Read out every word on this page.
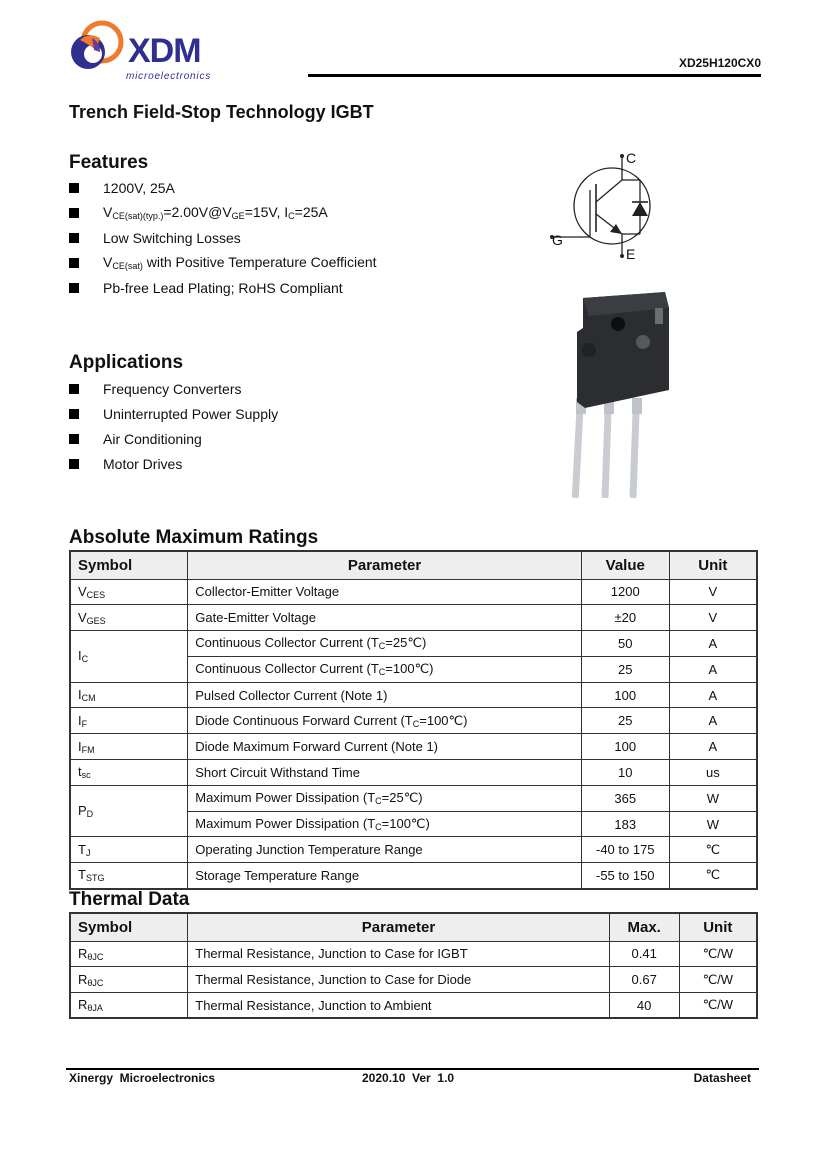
XDM
microelectronics
XD25H120CX0
Trench Field-Stop Technology IGBT
Features
1200V, 25A
$V_{CE(sat)(typ.)}=2.00V@V_{GE}=15V$, $I_C=25A$
Low Switching Losses
$V_{CE(sat)}$ with Positive Temperature Coefficient
Pb-free Lead Plating; RoHS Compliant
C
G
E
Applications
Frequency Converters
Uninterrupted Power Supply
Air Conditioning
Motor Drives
Absolute Maximum Ratings
Symbol	Parameter	Value	Unit
$V_{CES}$	Collector-Emitter Voltage	1200	V
$V_{GES}$	Gate-Emitter Voltage	±20	V
$I_C$	Continuous Collector Current $(T_C=25℃)$	50	A
	Continuous Collector Current $(T_C=100℃)$	25	A
$I_{CM}$	Pulsed Collector Current (Note 1)	100	A
$I_F$	Diode Continuous Forward Current $(T_C=100℃)$	25	A
$I_{FM}$	Diode Maximum Forward Current (Note 1)	100	A
$t_{sc}$	Short Circuit Withstand Time	10	us
$P_D$	Maximum Power Dissipation $(T_C=25℃)$	365	W
	Maximum Power Dissipation $(T_C=100℃)$	183	W
$T_J$	Operating Junction Temperature Range	-40 to 175	℃
$T_{STG}$	Storage Temperature Range	-55 to 150	℃
Thermal Data
Symbol	Parameter	Max.	Unit
$R_{\theta JC}$	Thermal Resistance, Junction to Case for IGBT	0.41	℃/W
$R_{\theta JC}$	Thermal Resistance, Junction to Case for Diode	0.67	℃/W
$R_{\theta JA}$	Thermal Resistance, Junction to Ambient	40	℃/W
Xinergy  Microelectronics	2020.10  Ver  1.0	Datasheet
